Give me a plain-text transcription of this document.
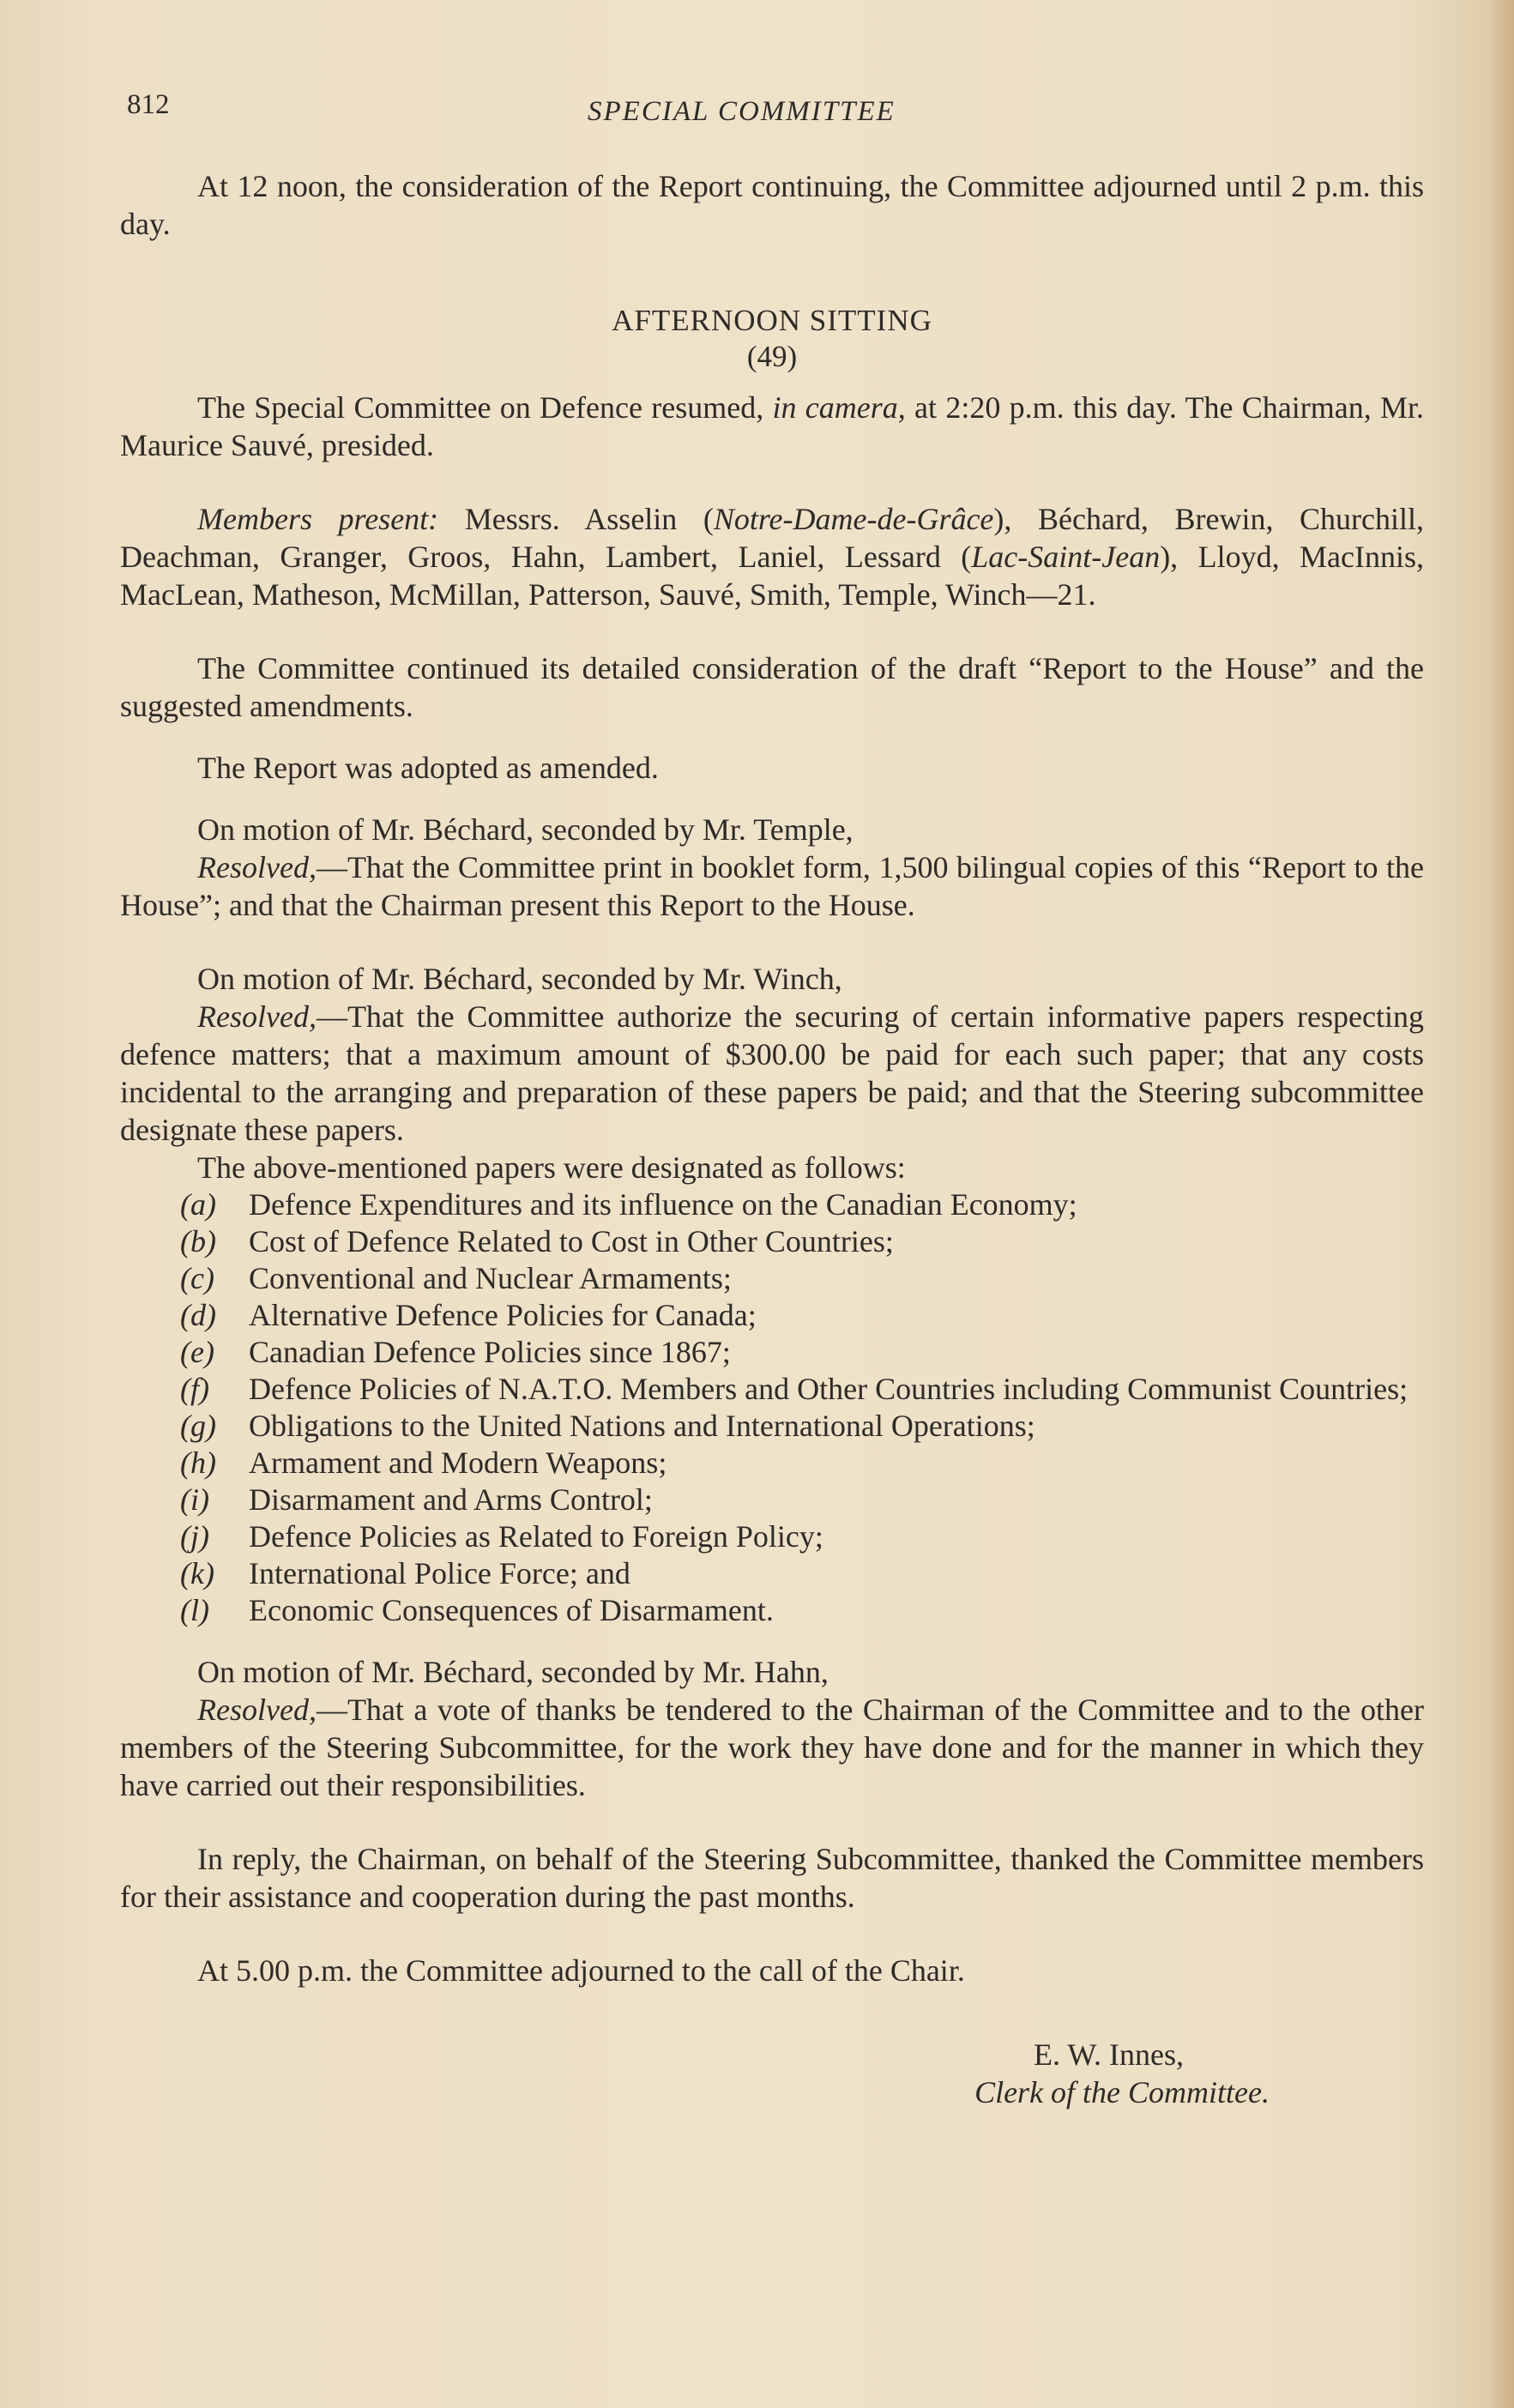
812	SPECIAL COMMITTEE

At 12 noon, the consideration of the Report continuing, the Committee adjourned until 2 p.m. this day.

AFTERNOON SITTING
(49)

The Special Committee on Defence resumed, in camera, at 2:20 p.m. this day. The Chairman, Mr. Maurice Sauvé, presided.

Members present: Messrs. Asselin (Notre-Dame-de-Grâce), Béchard, Brewin, Churchill, Deachman, Granger, Groos, Hahn, Lambert, Laniel, Lessard (Lac-Saint-Jean), Lloyd, MacInnis, MacLean, Matheson, McMillan, Patterson, Sauvé, Smith, Temple, Winch—21.

The Committee continued its detailed consideration of the draft “Report to the House” and the suggested amendments.

The Report was adopted as amended.

On motion of Mr. Béchard, seconded by Mr. Temple,

Resolved,—That the Committee print in booklet form, 1,500 bilingual copies of this “Report to the House”; and that the Chairman present this Report to the House.

On motion of Mr. Béchard, seconded by Mr. Winch,

Resolved,—That the Committee authorize the securing of certain informative papers respecting defence matters; that a maximum amount of $300.00 be paid for each such paper; that any costs incidental to the arranging and preparation of these papers be paid; and that the Steering subcommittee designate these papers.

The above-mentioned papers were designated as follows:

(a)	Defence Expenditures and its influence on the Canadian Economy;
(b)	Cost of Defence Related to Cost in Other Countries;
(c)	Conventional and Nuclear Armaments;
(d)	Alternative Defence Policies for Canada;
(e)	Canadian Defence Policies since 1867;
(f)	Defence Policies of N.A.T.O. Members and Other Countries including Communist Countries;
(g)	Obligations to the United Nations and International Operations;
(h)	Armament and Modern Weapons;
(i)	Disarmament and Arms Control;
(j)	Defence Policies as Related to Foreign Policy;
(k)	International Police Force; and
(l)	Economic Consequences of Disarmament.

On motion of Mr. Béchard, seconded by Mr. Hahn,

Resolved,—That a vote of thanks be tendered to the Chairman of the Committee and to the other members of the Steering Subcommittee, for the work they have done and for the manner in which they have carried out their responsibilities.

In reply, the Chairman, on behalf of the Steering Subcommittee, thanked the Committee members for their assistance and cooperation during the past months.

At 5.00 p.m. the Committee adjourned to the call of the Chair.

E. W. Innes,
Clerk of the Committee.
